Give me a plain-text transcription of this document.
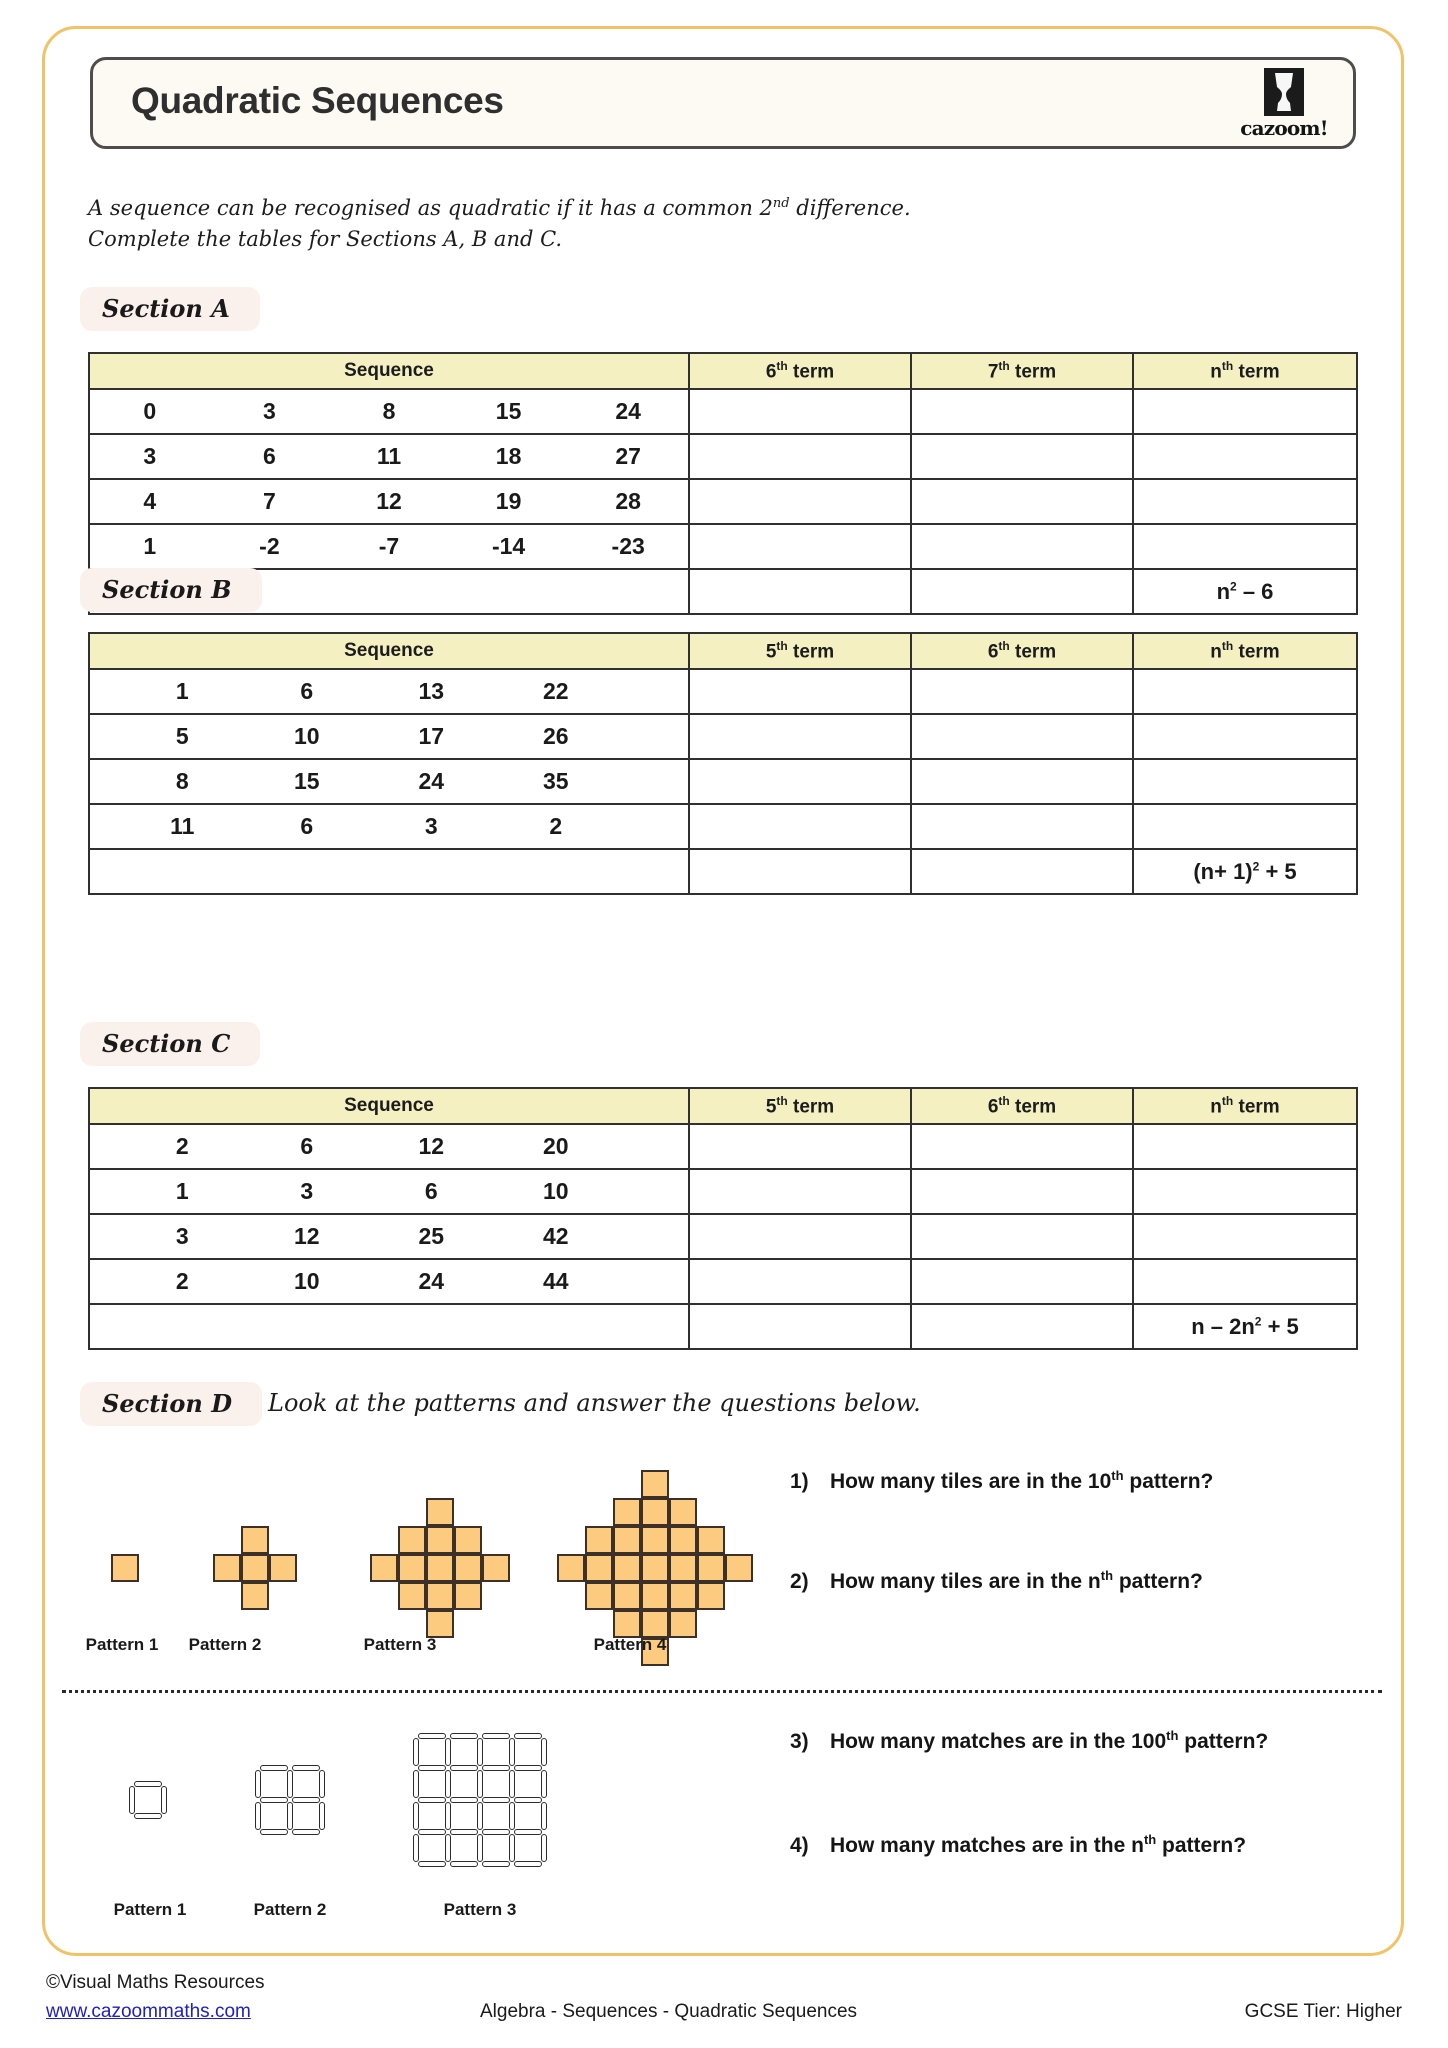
Quadratic Sequences
cazoom!
A sequence can be recognised as quadratic if it has a common 2nd difference.
Complete the tables for Sections A, B and C.
Section A
Sequence	6th term	7th term	$n^{th}$ term

0 3 8 15 24			

3 6 11 18 27			

4 7 12 19 28			

1 -2 -7 -14 -23			

			$n^2 - 6$
Section B
Sequence	5th term	6th term	$n^{th}$ term

1 6 13 22			

5 10 17 26			

8 15 24 35			

11 6 3 2			

			$(n+ 1)^2 + 5$
Section C
Sequence	5th term	6th term	$n^{th}$ term

2 6 12 20			

1 3 6 10			

3 12 25 42			

2 10 24 44			

			$n - 2n^2 + 5$
Section D	Look at the patterns and answer the questions below.
Pattern 1	Pattern 2	Pattern 3	Pattern 4
1) How many tiles are in the 10th pattern?
2) How many tiles are in the $n^{th}$ pattern?
Pattern 1	Pattern 2	Pattern 3
3) How many matches are in the 100th pattern?
4) How many matches are in the $n^{th}$ pattern?
©Visual Maths Resources
www.cazoommaths.com	Algebra - Sequences - Quadratic Sequences	GCSE Tier: Higher
